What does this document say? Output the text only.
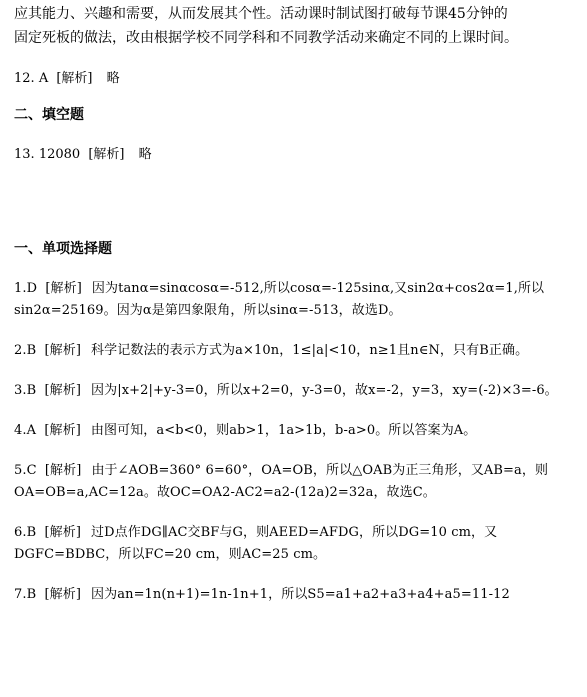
应其能力、兴趣和需要，从而发展其个性。活动课时制试图打破每节课45分钟的

固定死板的做法，改由根据学校不同学科和不同教学活动来确定不同的上课时间。

12. A [解析] 略

二、填空题

13. 12080 [解析] 略

一、单项选择题

1.D [解析] 因为tanα=sinαcosα=-512,所以cosα=-125sinα,又sin2α+cos2α=1,所以sin2α=25169。因为α是第四象限角，所以sinα=-513，故选D。
2.B [解析] 科学记数法的表示方式为a×10n，1≤|a|<10，n≥1且n∈N，只有B正确。
3.B [解析] 因为|x+2|+y-3=0，所以x+2=0，y-3=0，故x=-2，y=3，xy=(-2)×3=-6。
4.A [解析] 由图可知，a<b<0，则ab>1，1a>1b，b-a>0。所以答案为A。
5.C [解析] 由于∠AOB=360° 6=60°，OA=OB，所以△OAB为正三角形，又AB=a，则OA=OB=a,AC=12a。故OC=OA2-AC2=a2-(12a)2=32a，故选C。
6.B [解析] 过D点作DG∥AC交BF与G，则AEED=AFDG，所以DG=10 cm，又DGFC=BDBC，所以FC=20 cm，则AC=25 cm。
7.B [解析] 因为an=1n(n+1)=1n-1n+1，所以S5=a1+a2+a3+a4+a5=11-12
